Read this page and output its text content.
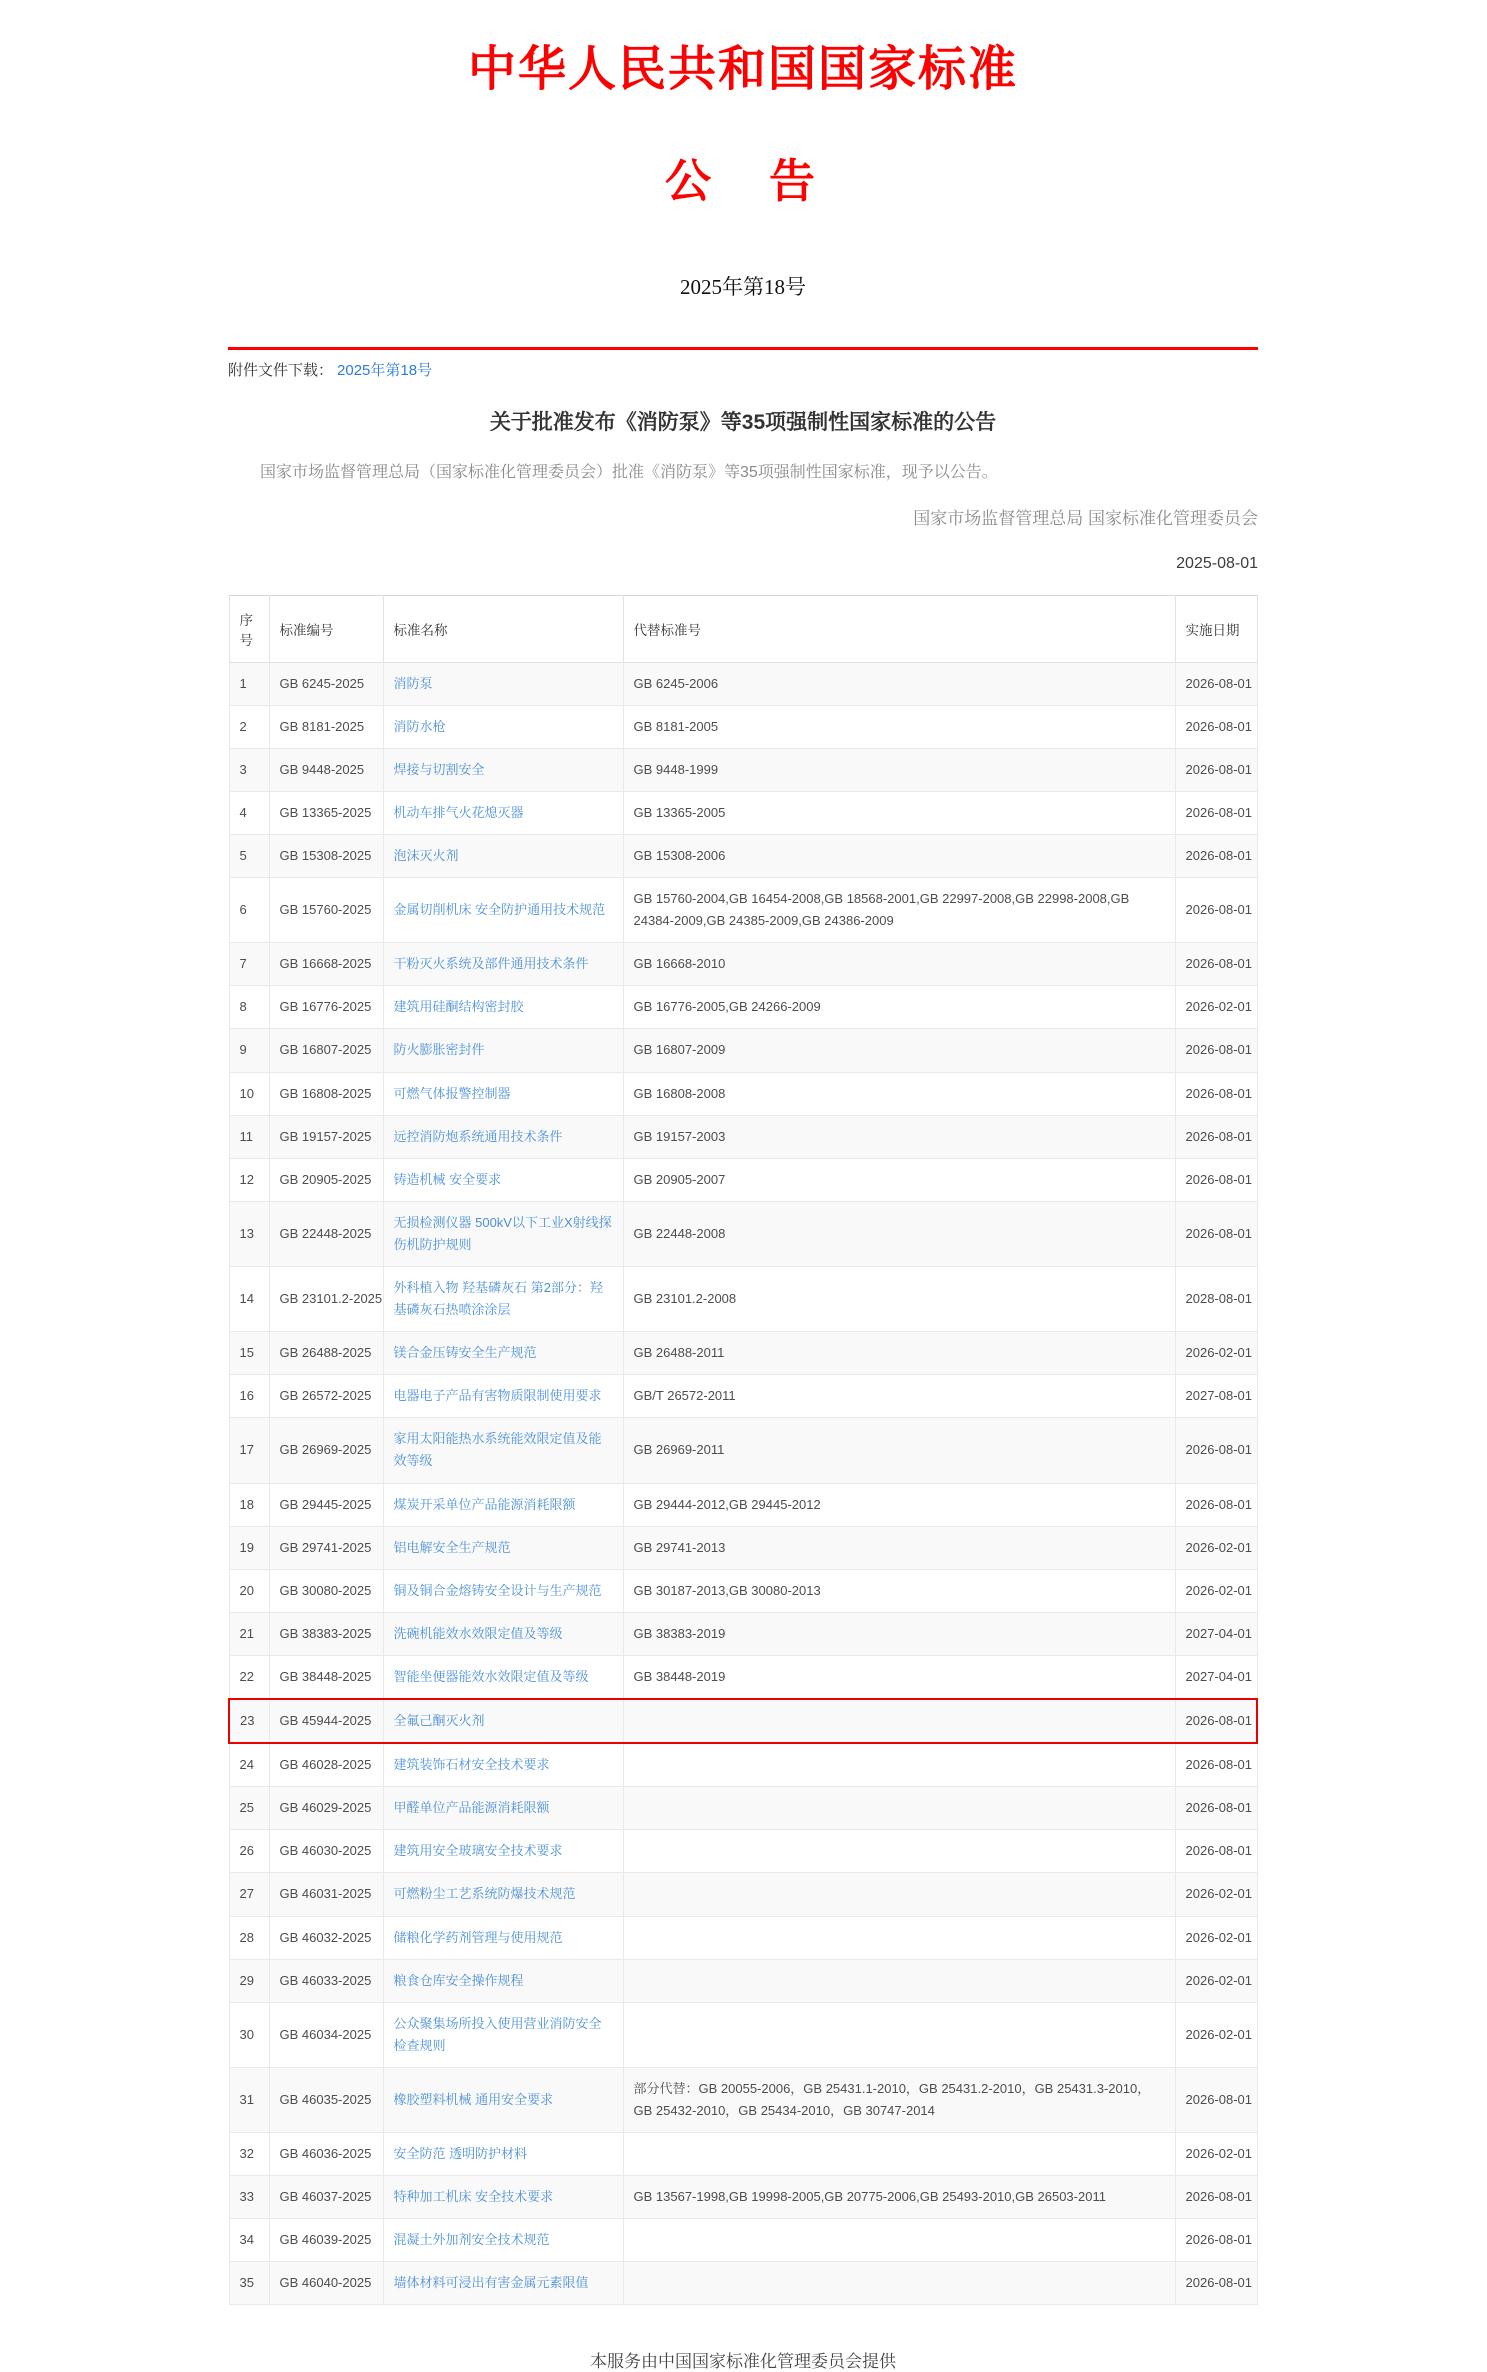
中华人民共和国国家标准
公　告
2025年第18号
附件文件下载： 2025年第18号
关于批准发布《消防泵》等35项强制性国家标准的公告
国家市场监督管理总局（国家标准化管理委员会）批准《消防泵》等35项强制性国家标准，现予以公告。
国家市场监督管理总局 国家标准化管理委员会
2025-08-01
序号	标准编号	标准名称	代替标准号	实施日期
1	GB 6245-2025	消防泵	GB 6245-2006	2026-08-01
2	GB 8181-2025	消防水枪	GB 8181-2005	2026-08-01
3	GB 9448-2025	焊接与切割安全	GB 9448-1999	2026-08-01
4	GB 13365-2025	机动车排气火花熄灭器	GB 13365-2005	2026-08-01
5	GB 15308-2025	泡沫灭火剂	GB 15308-2006	2026-08-01
6	GB 15760-2025	金属切削机床 安全防护通用技术规范	GB 15760-2004,GB 16454-2008,GB 18568-2001,GB 22997-2008,GB 22998-2008,GB 24384-2009,GB 24385-2009,GB 24386-2009	2026-08-01
7	GB 16668-2025	干粉灭火系统及部件通用技术条件	GB 16668-2010	2026-08-01
8	GB 16776-2025	建筑用硅酮结构密封胶	GB 16776-2005,GB 24266-2009	2026-02-01
9	GB 16807-2025	防火膨胀密封件	GB 16807-2009	2026-08-01
10	GB 16808-2025	可燃气体报警控制器	GB 16808-2008	2026-08-01
11	GB 19157-2025	远控消防炮系统通用技术条件	GB 19157-2003	2026-08-01
12	GB 20905-2025	铸造机械 安全要求	GB 20905-2007	2026-08-01
13	GB 22448-2025	无损检测仪器 500kV以下工业X射线探伤机防护规则	GB 22448-2008	2026-08-01
14	GB 23101.2-2025	外科植入物 羟基磷灰石 第2部分：羟基磷灰石热喷涂涂层	GB 23101.2-2008	2028-08-01
15	GB 26488-2025	镁合金压铸安全生产规范	GB 26488-2011	2026-02-01
16	GB 26572-2025	电器电子产品有害物质限制使用要求	GB/T 26572-2011	2027-08-01
17	GB 26969-2025	家用太阳能热水系统能效限定值及能效等级	GB 26969-2011	2026-08-01
18	GB 29445-2025	煤炭开采单位产品能源消耗限额	GB 29444-2012,GB 29445-2012	2026-08-01
19	GB 29741-2025	铝电解安全生产规范	GB 29741-2013	2026-02-01
20	GB 30080-2025	铜及铜合金熔铸安全设计与生产规范	GB 30187-2013,GB 30080-2013	2026-02-01
21	GB 38383-2025	洗碗机能效水效限定值及等级	GB 38383-2019	2027-04-01
22	GB 38448-2025	智能坐便器能效水效限定值及等级	GB 38448-2019	2027-04-01
23	GB 45944-2025	全氟己酮灭火剂		2026-08-01
24	GB 46028-2025	建筑装饰石材安全技术要求		2026-08-01
25	GB 46029-2025	甲醛单位产品能源消耗限额		2026-08-01
26	GB 46030-2025	建筑用安全玻璃安全技术要求		2026-08-01
27	GB 46031-2025	可燃粉尘工艺系统防爆技术规范		2026-02-01
28	GB 46032-2025	储粮化学药剂管理与使用规范		2026-02-01
29	GB 46033-2025	粮食仓库安全操作规程		2026-02-01
30	GB 46034-2025	公众聚集场所投入使用营业消防安全检查规则		2026-02-01
31	GB 46035-2025	橡胶塑料机械 通用安全要求	部分代替：GB 20055-2006，GB 25431.1-2010，GB 25431.2-2010，GB 25431.3-2010，GB 25432-2010，GB 25434-2010，GB 30747-2014	2026-08-01
32	GB 46036-2025	安全防范 透明防护材料		2026-02-01
33	GB 46037-2025	特种加工机床 安全技术要求	GB 13567-1998,GB 19998-2005,GB 20775-2006,GB 25493-2010,GB 26503-2011	2026-08-01
34	GB 46039-2025	混凝土外加剂安全技术规范		2026-08-01
35	GB 46040-2025	墙体材料可浸出有害金属元素限值		2026-08-01
本服务由中国国家标准化管理委员会提供
